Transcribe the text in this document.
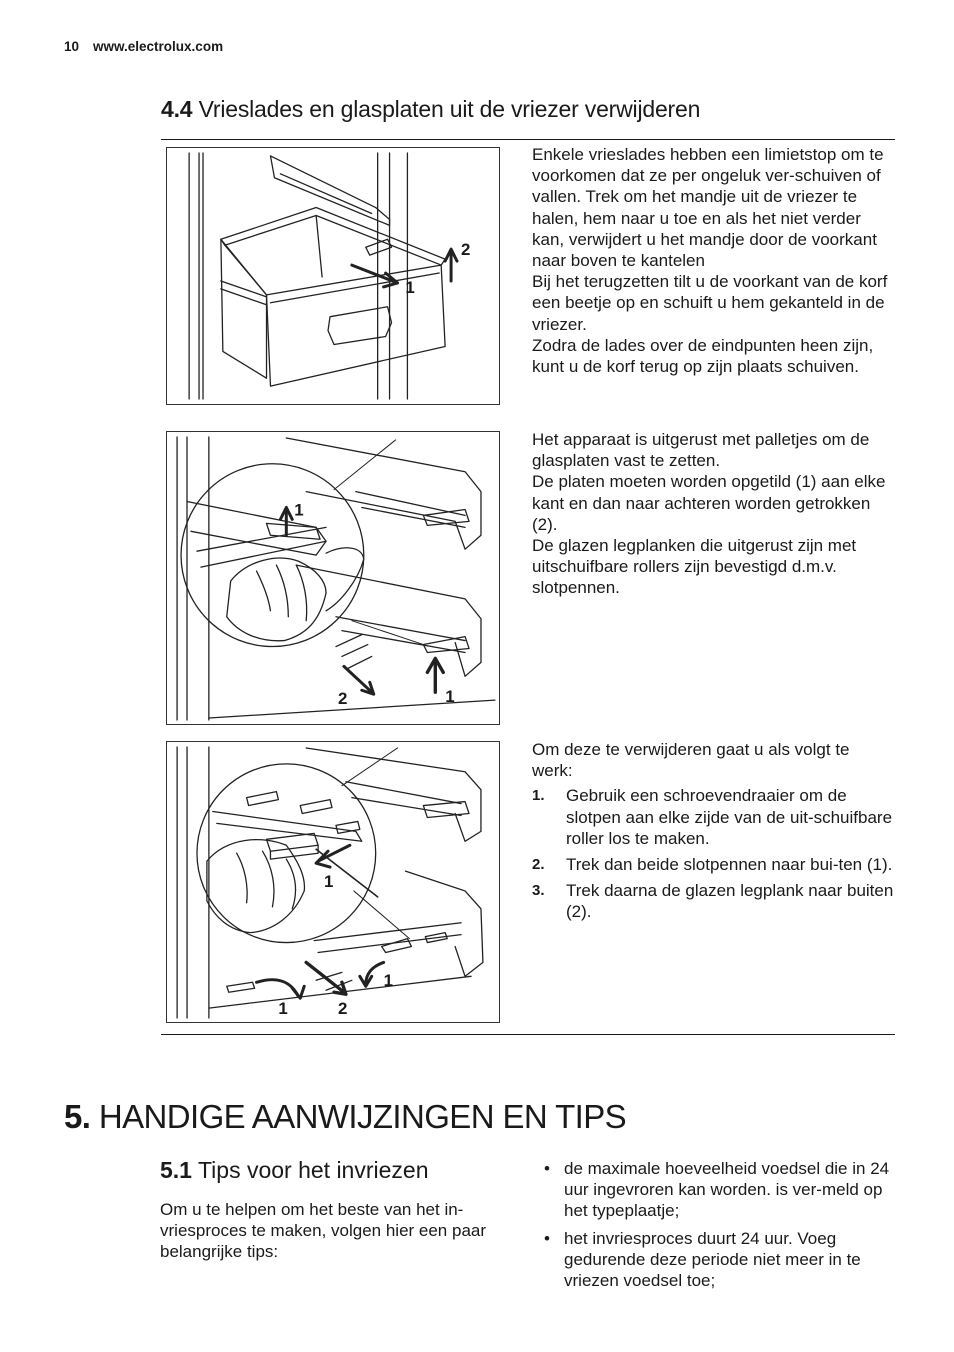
10 www.electrolux.com
4.4 Vrieslades en glasplaten uit de vriezer verwijderen
1
2

Enkele vrieslades hebben een limietstop om te voorkomen dat ze per ongeluk ver-schuiven of vallen. Trek om het mandje uit de vriezer te halen, hem naar u toe en als het niet verder kan, verwijdert u het mandje door de voorkant naar boven te kantelen

Bij het terugzetten tilt u de voorkant van de korf een beetje op en schuift u hem gekanteld in de vriezer.

Zodra de lades over de eindpunten heen zijn, kunt u de korf terug op zijn plaats schuiven.

1
2	1

Het apparaat is uitgerust met palletjes om de glasplaten vast te zetten.

De platen moeten worden opgetild (1) aan elke kant en dan naar achteren worden getrokken (2).

De glazen legplanken die uitgerust zijn met uitschuifbare rollers zijn bevestigd d.m.v. slotpennen.

1
1
1	2

Om deze te verwijderen gaat u als volgt te werk:

1. Gebruik een schroevendraaier om de slotpen aan elke zijde van de uit-schuifbare roller los te maken.
2. Trek dan beide slotpennen naar bui-ten (1).
3. Trek daarna de glazen legplank naar buiten (2).
5. HANDIGE AANWIJZINGEN EN TIPS
5.1 Tips voor het invriezen

Om u te helpen om het beste van het in-vriesproces te maken, volgen hier een paar belangrijke tips:

• de maximale hoeveelheid voedsel die in 24 uur ingevroren kan worden. is ver-meld op het typeplaatje;
• het invriesproces duurt 24 uur. Voeg gedurende deze periode niet meer in te vriezen voedsel toe;
